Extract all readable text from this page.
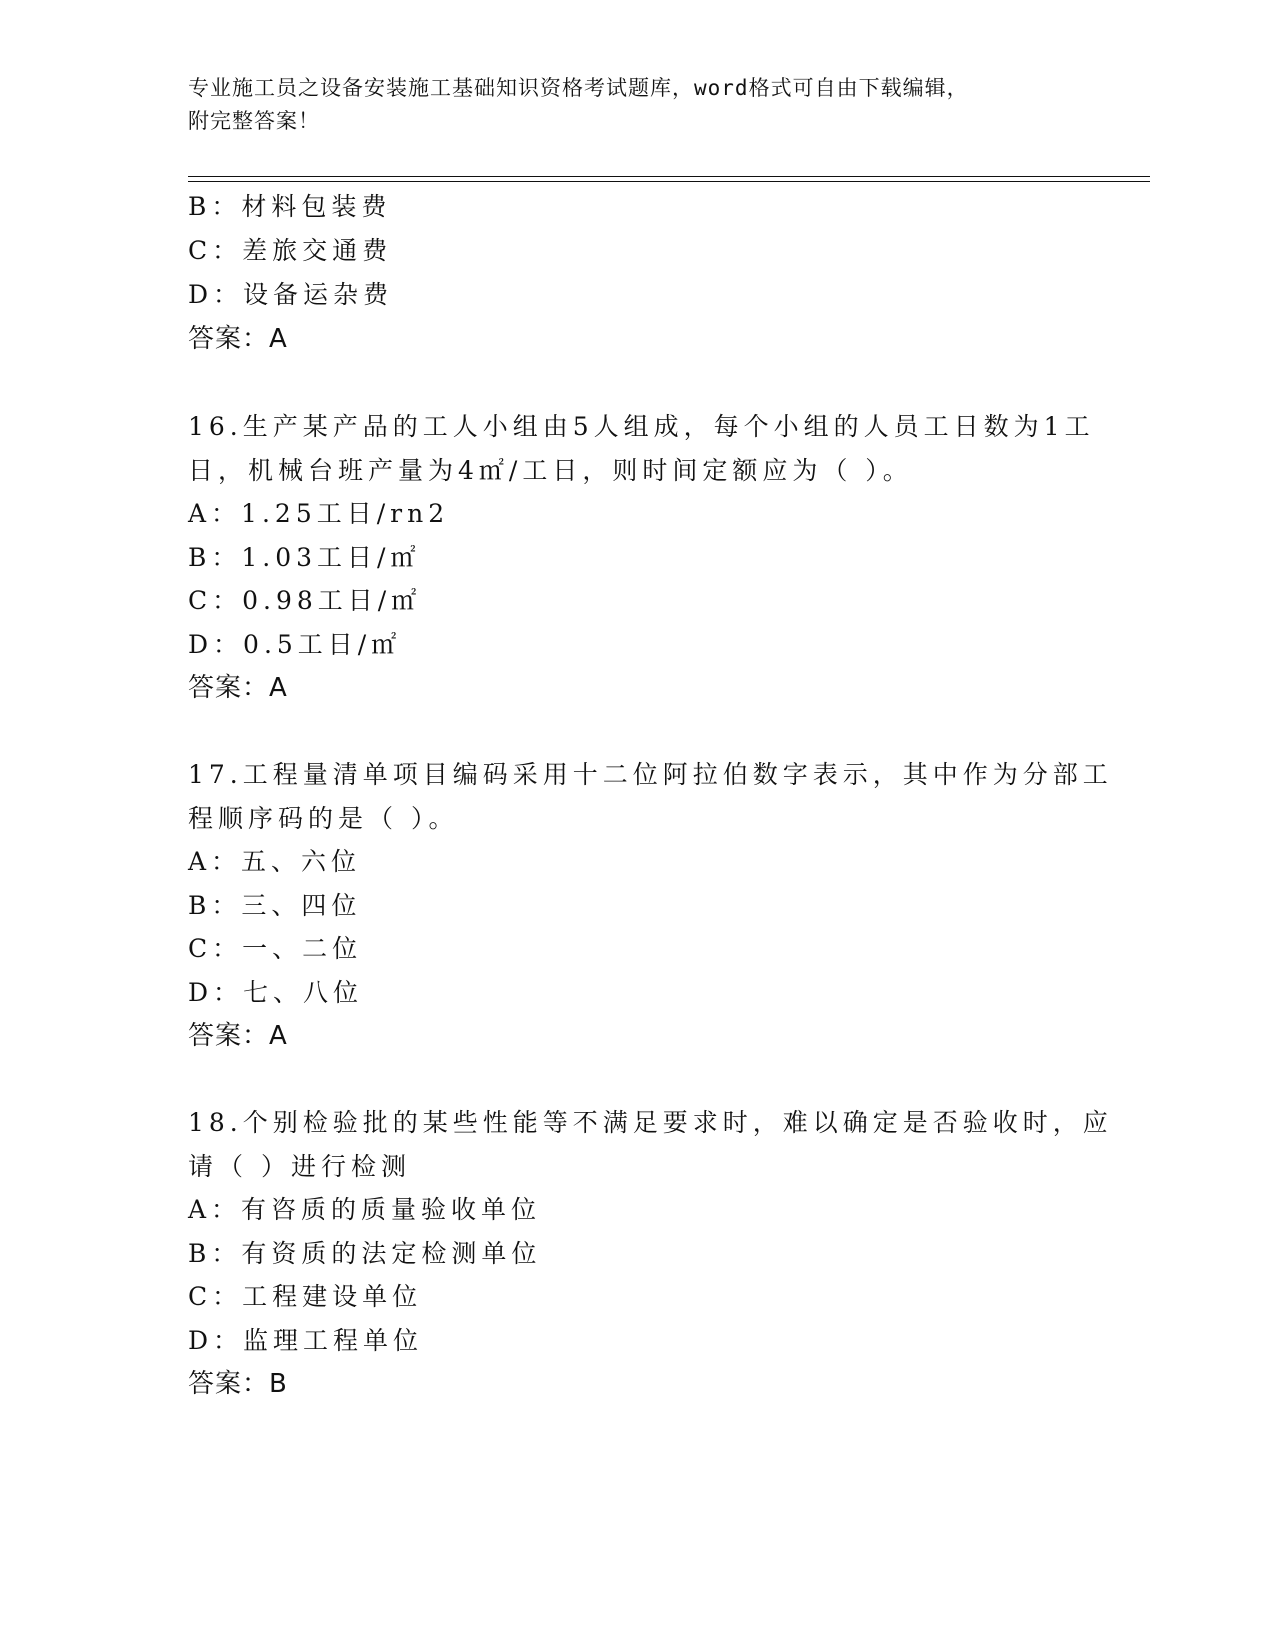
专业施工员之设备安装施工基础知识资格考试题库，word格式可自由下载编辑，
附完整答案！
B：材料包装费
C：差旅交通费
D：设备运杂费
答案：A
16.生产某产品的工人小组由5人组成，每个小组的人员工日数为1工
日，机械台班产量为4㎡/工日，则时间定额应为（ ）。
A：1.25工日/rn2
B：1.03工日/㎡
C：0.98工日/㎡
D：0.5工日/㎡
答案：A
17.工程量清单项目编码采用十二位阿拉伯数字表示，其中作为分部工
程顺序码的是（ ）。
A：五、六位
B：三、四位
C：一、二位
D：七、八位
答案：A
18.个别检验批的某些性能等不满足要求时，难以确定是否验收时，应
请（ ）进行检测
A：有咨质的质量验收单位
B：有资质的法定检测单位
C：工程建设单位
D：监理工程单位
答案：B
